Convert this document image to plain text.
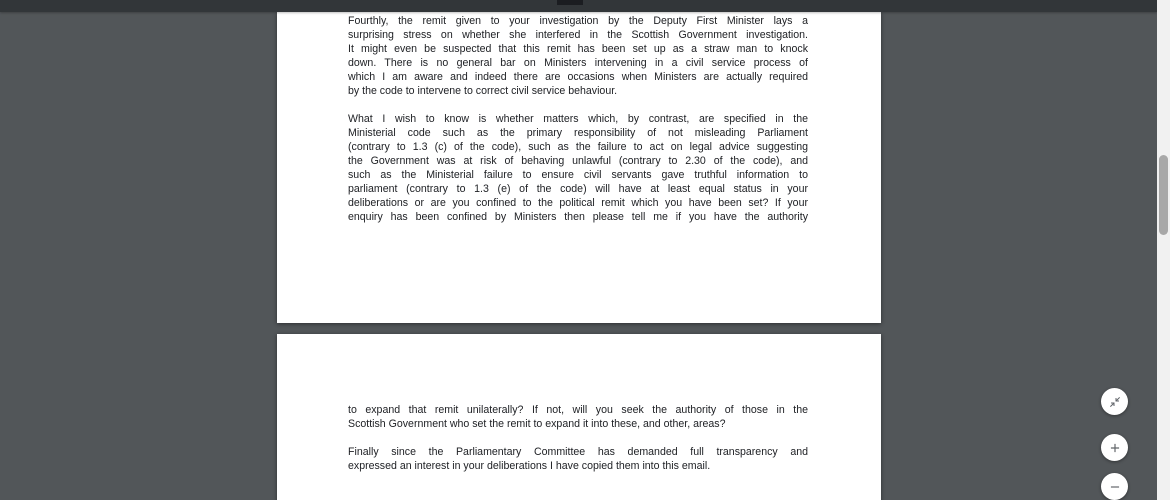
Fourthly, the remit given to your investigation by the Deputy First Minister lays a
surprising stress on whether she interfered in the Scottish Government investigation.
It might even be suspected that this remit has been set up as a straw man to knock
down. There is no general bar on Ministers intervening in a civil service process of
which I am aware and indeed there are occasions when Ministers are actually required
by the code to intervene to correct civil service behaviour.
What I wish to know is whether matters which, by contrast, are specified in the
Ministerial code such as the primary responsibility of not misleading Parliament
(contrary to 1.3 (c) of the code), such as the failure to act on legal advice suggesting
the Government was at risk of behaving unlawful (contrary to 2.30 of the code), and
such as the Ministerial failure to ensure civil servants gave truthful information to
parliament (contrary to 1.3 (e) of the code) will have at least equal status in your
deliberations or are you confined to the political remit which you have been set? If your
enquiry has been confined by Ministers then please tell me if you have the authority
to expand that remit unilaterally? If not, will you seek the authority of those in the
Scottish Government who set the remit to expand it into these, and other, areas?
Finally since the Parliamentary Committee has demanded full transparency and
expressed an interest in your deliberations I have copied them into this email.
